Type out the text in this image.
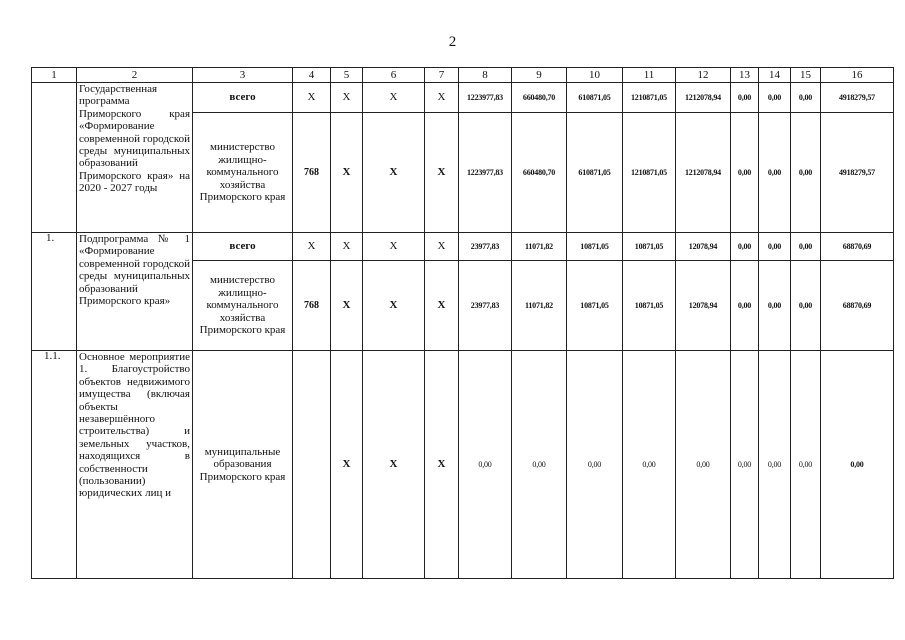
2
1	2	3	4	5	6	7	8	9	10	11	12	13	14	15	16
	Государственная программа Приморского края «Формирование современной городской среды муниципальных образований Приморского края» на 2020 - 2027 годы	всего	X	X	X	X	1223977,83	660480,70	610871,05	1210871,05	1212078,94	0,00	0,00	0,00	4918279,57
		министерство жилищно-коммунального хозяйства Приморского края	768	X	X	X	1223977,83	660480,70	610871,05	1210871,05	1212078,94	0,00	0,00	0,00	4918279,57
1.	Подпрограмма № 1 «Формирование современной городской среды муниципальных образований Приморского края»	всего	X	X	X	X	23977,83	11071,82	10871,05	10871,05	12078,94	0,00	0,00	0,00	68870,69
		министерство жилищно-коммунального хозяйства Приморского края	768	X	X	X	23977,83	11071,82	10871,05	10871,05	12078,94	0,00	0,00	0,00	68870,69
1.1.	Основное мероприятие 1. Благоустройство объектов недвижимого имущества (включая объекты незавершённого строительства) и земельных участков, находящихся в собственности (пользовании) юридических лиц и	муниципальные образования Приморского края		X	X	X	0,00	0,00	0,00	0,00	0,00	0,00	0,00	0,00	0,00
